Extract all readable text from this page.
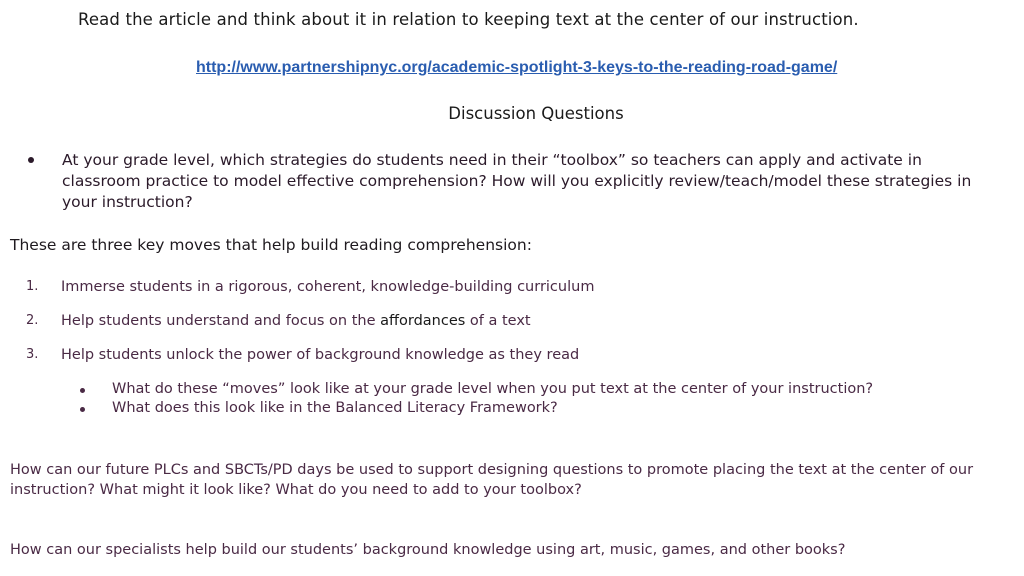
Read the article and think about it in relation to keeping text at the center of our instruction.
http://www.partnershipnyc.org/academic-spotlight-3-keys-to-the-reading-road-game/
Discussion Questions
At your grade level, which strategies do students need in their “toolbox” so teachers can apply and activate in classroom practice to model effective comprehension? How will you explicitly review/teach/model these strategies in your instruction?
These are three key moves that help build reading comprehension:
1. Immerse students in a rigorous, coherent, knowledge-building curriculum
2. Help students understand and focus on the affordances of a text
3. Help students unlock the power of background knowledge as they read
What do these “moves” look like at your grade level when you put text at the center of your instruction?
What does this look like in the Balanced Literacy Framework?
How can our future PLCs and SBCTs/PD days be used to support designing questions to promote placing the text at the center of our instruction? What might it look like? What do you need to add to your toolbox?
How can our specialists help build our students’ background knowledge using art, music, games, and other books?
